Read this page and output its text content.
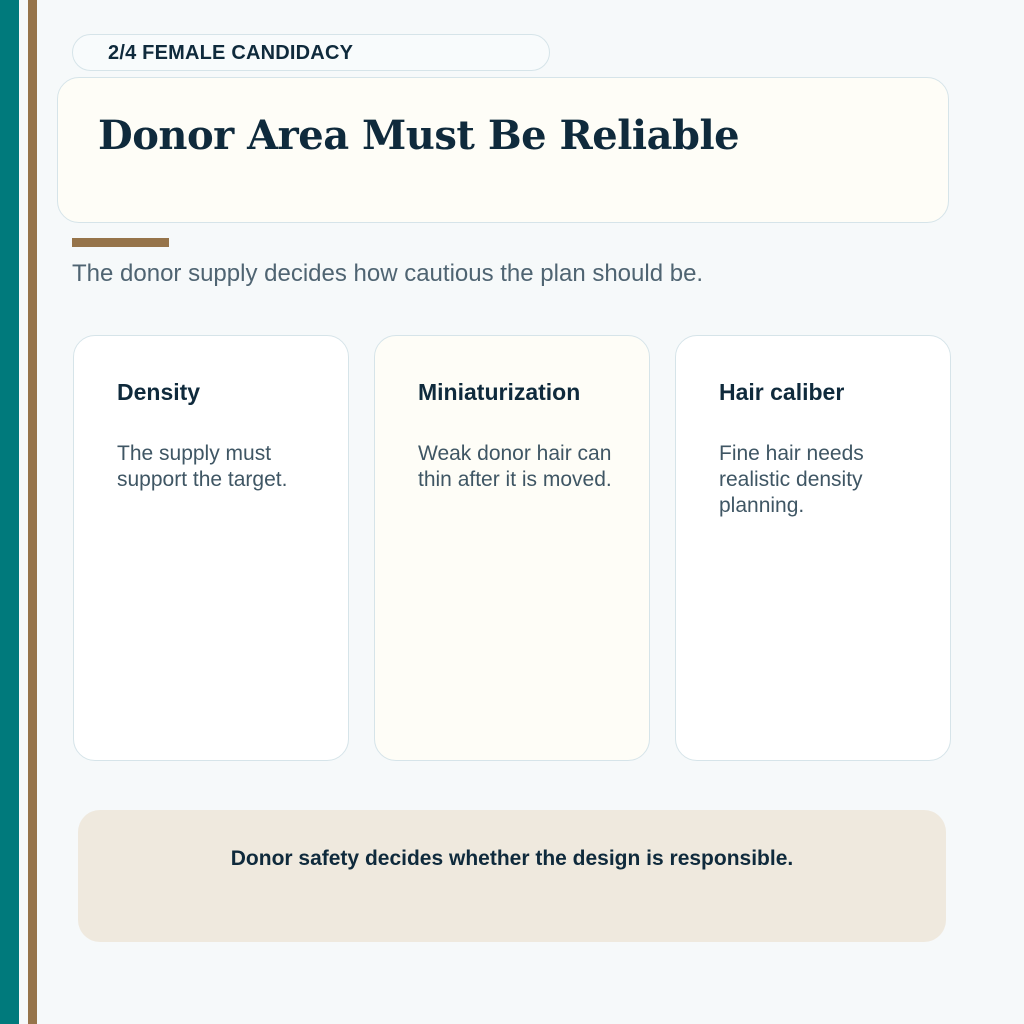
2/4 FEMALE CANDIDACY
Donor Area Must Be Reliable
The donor supply decides how cautious the plan should be.
Density
The supply must support the target.
Miniaturization
Weak donor hair can thin after it is moved.
Hair caliber
Fine hair needs realistic density planning.
Donor safety decides whether the design is responsible.
